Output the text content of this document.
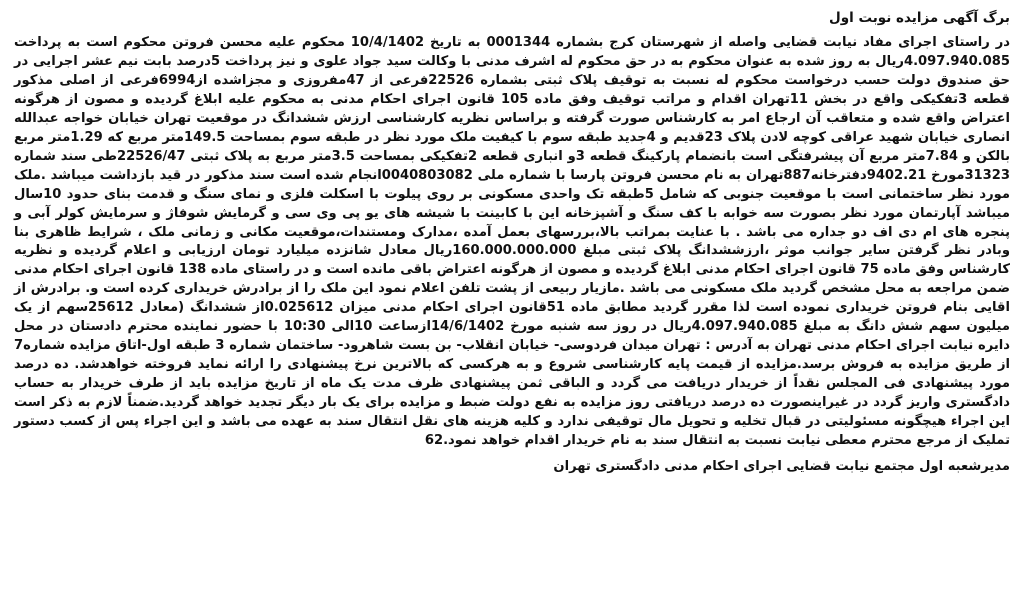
برگ آگهی مزایده نوبت اول
در راستای اجرای مفاد نیابت قضایی واصله از شهرستان کرج بشماره 0001344 به تاریخ 10/4/1402 محکوم علیه محسن فروتن محکوم است به پرداخت 4.097.940.085ریال به روز شده به عنوان محکوم به در حق محکوم له اشرف مدنی با وکالت سید جواد علوی و نیز پرداخت 5درصد بابت نیم عشر اجرایی در حق صندوق دولت حسب درخواست محکوم له نسبت به توقیف پلاک ثبتی بشماره 22526فرعی از 47مفروزی و مجزاشده از6994فرعی از اصلی مذکور قطعه 3تفکیکی واقع در بخش 11تهران اقدام و مراتب توقیف وفق ماده 105 قانون اجرای احکام مدنی به محکوم علیه ابلاغ گردیده و مصون از هرگونه اعتراض واقع شده و متعاقب آن ارجاع امر به کارشناس صورت گرفته و براساس نظریه کارشناسی ارزش ششدانگ در موقعیت تهران خیابان خواجه عبدالله انصاری خیابان شهید عراقی کوچه لادن پلاک 23قدیم و 4جدید طبقه سوم با کیفیت ملک مورد نظر در طبقه سوم بمساحت 149.5متر مربع که 1.29متر مربع بالکن و 7.84متر مربع آن پیشرفتگی است بانضمام پارکینگ قطعه 3و انباری قطعه 2تفکیکی بمساحت 3.5متر مربع به پلاک ثبتی 22526/47طی سند شماره 31323مورخ 9402.21دفترخانه887تهران به نام محسن فروتن پارسا با شماره ملی 0040803082انجام شده است سند مذکور در قید بازداشت میباشد .ملک مورد نظر ساختمانی است با موقعیت جنوبی که شامل 5طبقه تک واحدی مسکونی بر روی پیلوت با اسکلت فلزی و نمای سنگ و قدمت بنای حدود 10سال میباشد آپارتمان مورد نظر بصورت سه خوابه با کف سنگ و آشپزخانه این با کابینت با شیشه های یو پی وی سی و گرمایش شوفاژ و سرمایش کولر آبی و پنجره های ام دی اف دو جداره می باشد . با عنایت بمراتب بالا،بررسهای بعمل آمده ،مدارک ومستندات،موقعیت مکانی و زمانی ملک ، شرایط ظاهری بنا وبادر نظر گرفتن سایر جوانب موثر ،ارزششدانگ پلاک ثبتی مبلغ 160.000.000.000ریال معادل شانزده میلیارد تومان ارزیابی و اعلام گردیده و نظریه کارشناس وفق ماده 75 قانون اجرای احکام مدنی ابلاغ گردیده و مصون از هرگونه اعتراض باقی مانده است و در راستای ماده 138 قانون اجرای احکام مدنی ضمن مراجعه به محل مشخص گردید ملک مسکونی می باشد .مازیار ربیعی از پشت تلفن اعلام نمود این ملک را از برادرش خریداری کرده است و. برادرش از اقایی بنام فروتن خریداری نموده است لذا مقرر گردید مطابق ماده 51قانون اجرای احکام مدنی میزان 0.025612از ششدانگ (معادل 25612سهم از یک میلیون سهم شش دانگ به مبلغ 4.097.940.085ریال در روز سه شنبه مورخ 14/6/1402ازساعت 10الی 10:30 با حضور نماینده محترم دادستان در محل دایره نیابت اجرای احکام مدنی تهران به آدرس : تهران میدان فردوسی- خیابان انقلاب- بن بست شاهرود- ساختمان شماره 3 طبقه اول-اتاق مزایده شماره7 از طریق مزایده به فروش برسد.مزایده از قیمت پایه کارشناسی شروع و به هرکسی که بالاترین نرخ پیشنهادی را ارائه نماید فروخته خواهدشد. ده درصد مورد پیشنهادی فی المجلس نقداً از خریدار دریافت می گردد و الباقی ثمن پیشنهادی ظرف مدت یک ماه از تاریخ مزایده باید از طرف خریدار به حساب دادگستری واریز گردد در غیراینصورت ده درصد دریافتی روز مزایده به نفع دولت ضبط و مزایده برای یک بار دیگر تجدید خواهد گردید.ضمناً لازم به ذکر است این اجراء هیچگونه مسئولیتی در قبال تخلیه و تحویل مال توقیفی ندارد و کلیه هزینه های نقل انتقال سند به عهده می باشد و این اجراء پس از کسب دستور تملیک از مرجع محترم معطی نیابت نسبت به انتقال سند به نام خریدار اقدام خواهد نمود.62
مدیرشعبه اول مجتمع نیابت قضایی اجرای احکام مدنی دادگستری تهران
